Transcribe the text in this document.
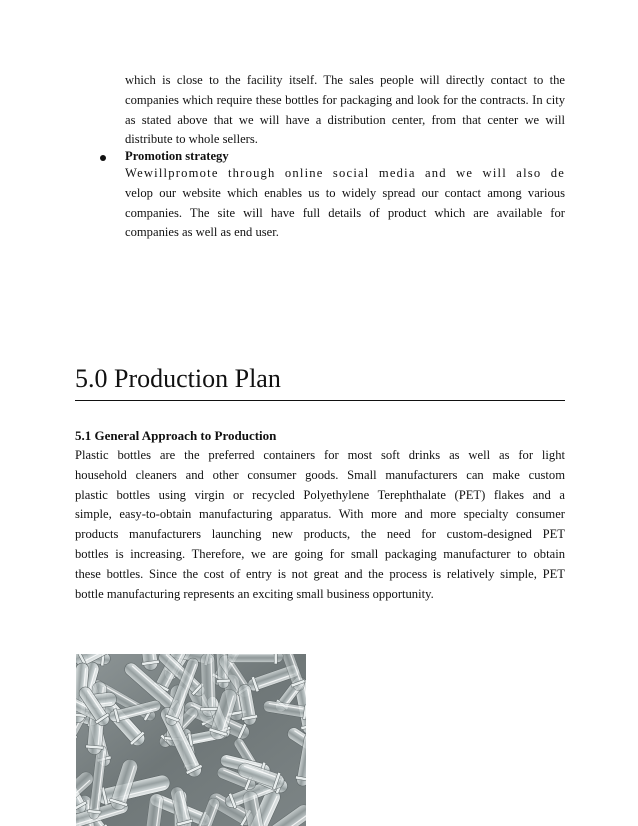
which is close to the facility itself. The sales people will directly contact to the
companies which require these bottles for packaging and look for the contracts. In city
as stated above that we will have a distribution center, from that center we will
distribute to whole sellers.
Promotion strategy
Wewillpromote through online social media and we will also de
velop our website which enables us to widely spread our contact among various
companies. The site will have full details of product which are available for
companies as well as end user.
5.0 Production Plan
5.1 General Approach to Production
Plastic bottles are the preferred containers for most soft drinks as well as for light
household cleaners and other consumer goods. Small manufacturers can make custom
plastic bottles using virgin or recycled Polyethylene Terephthalate (PET) flakes and a
simple, easy-to-obtain manufacturing apparatus. With more and more specialty consumer
products manufacturers launching new products, the need for custom-designed PET
bottles is increasing. Therefore, we are going for small packaging manufacturer to obtain
these bottles. Since the cost of entry is not great and the process is relatively simple, PET
bottle manufacturing represents an exciting small business opportunity.
